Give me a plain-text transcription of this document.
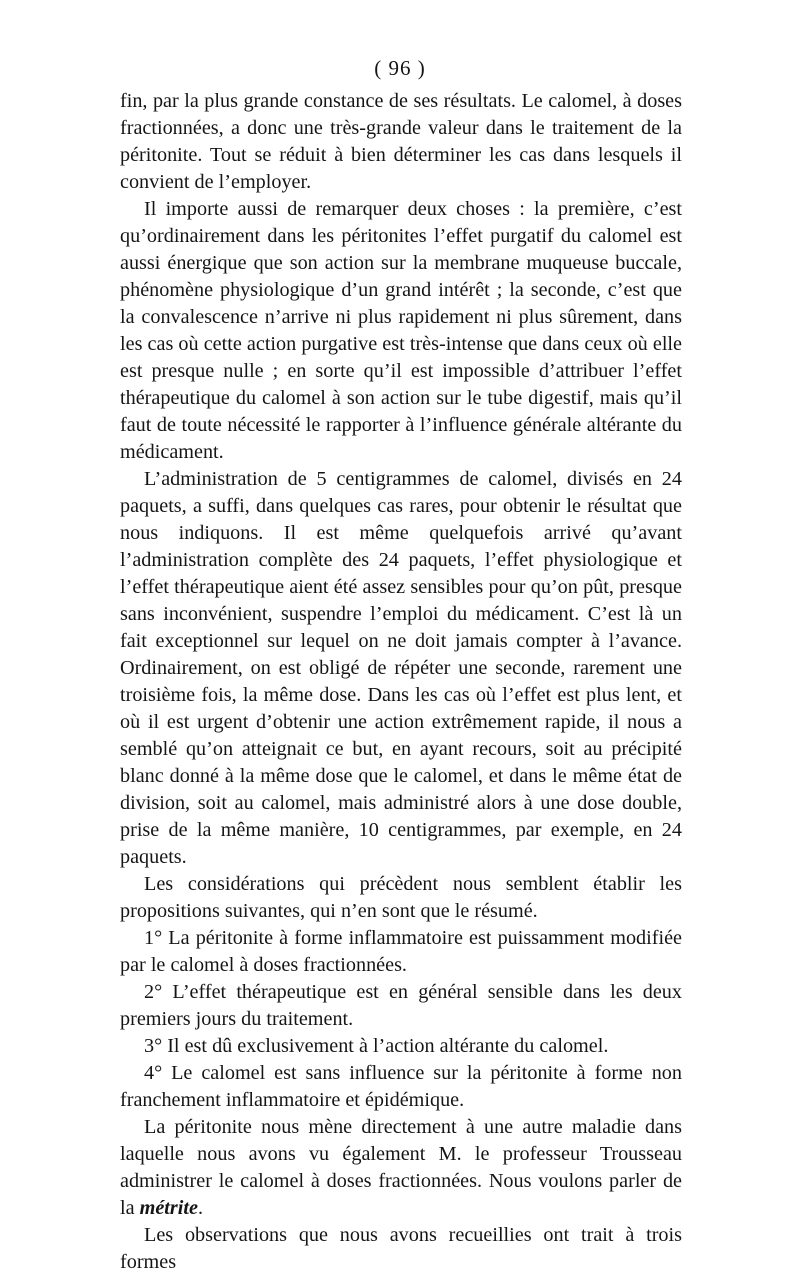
( 96 )

fin, par la plus grande constance de ses résultats. Le calomel, à doses fractionnées, a donc une très-grande valeur dans le traitement de la péritonite. Tout se réduit à bien déterminer les cas dans lesquels il convient de l’employer.

Il importe aussi de remarquer deux choses : la première, c’est qu’ordinairement dans les péritonites l’effet purgatif du calomel est aussi énergique que son action sur la membrane muqueuse buccale, phénomène physiologique d’un grand intérêt ; la seconde, c’est que la convalescence n’arrive ni plus rapidement ni plus sûrement, dans les cas où cette action purgative est très-intense que dans ceux où elle est presque nulle ; en sorte qu’il est impossible d’attribuer l’effet thérapeutique du calomel à son action sur le tube digestif, mais qu’il faut de toute nécessité le rapporter à l’influence générale altérante du médicament.

L’administration de 5 centigrammes de calomel, divisés en 24 paquets, a suffi, dans quelques cas rares, pour obtenir le résultat que nous indiquons. Il est même quelquefois arrivé qu’avant l’administration complète des 24 paquets, l’effet physiologique et l’effet thérapeutique aient été assez sensibles pour qu’on pût, presque sans inconvénient, suspendre l’emploi du médicament. C’est là un fait exceptionnel sur lequel on ne doit jamais compter à l’avance. Ordinairement, on est obligé de répéter une seconde, rarement une troisième fois, la même dose. Dans les cas où l’effet est plus lent, et où il est urgent d’obtenir une action extrêmement rapide, il nous a semblé qu’on atteignait ce but, en ayant recours, soit au précipité blanc donné à la même dose que le calomel, et dans le même état de division, soit au calomel, mais administré alors à une dose double, prise de la même manière, 10 centigrammes, par exemple, en 24 paquets.

Les considérations qui précèdent nous semblent établir les propositions suivantes, qui n’en sont que le résumé.

1° La péritonite à forme inflammatoire est puissamment modifiée par le calomel à doses fractionnées.

2° L’effet thérapeutique est en général sensible dans les deux premiers jours du traitement.

3° Il est dû exclusivement à l’action altérante du calomel.

4° Le calomel est sans influence sur la péritonite à forme non franchement inflammatoire et épidémique.

La péritonite nous mène directement à une autre maladie dans laquelle nous avons vu également M. le professeur Trousseau administrer le calomel à doses fractionnées. Nous voulons parler de la métrite.

Les observations que nous avons recueillies ont trait à trois formes
